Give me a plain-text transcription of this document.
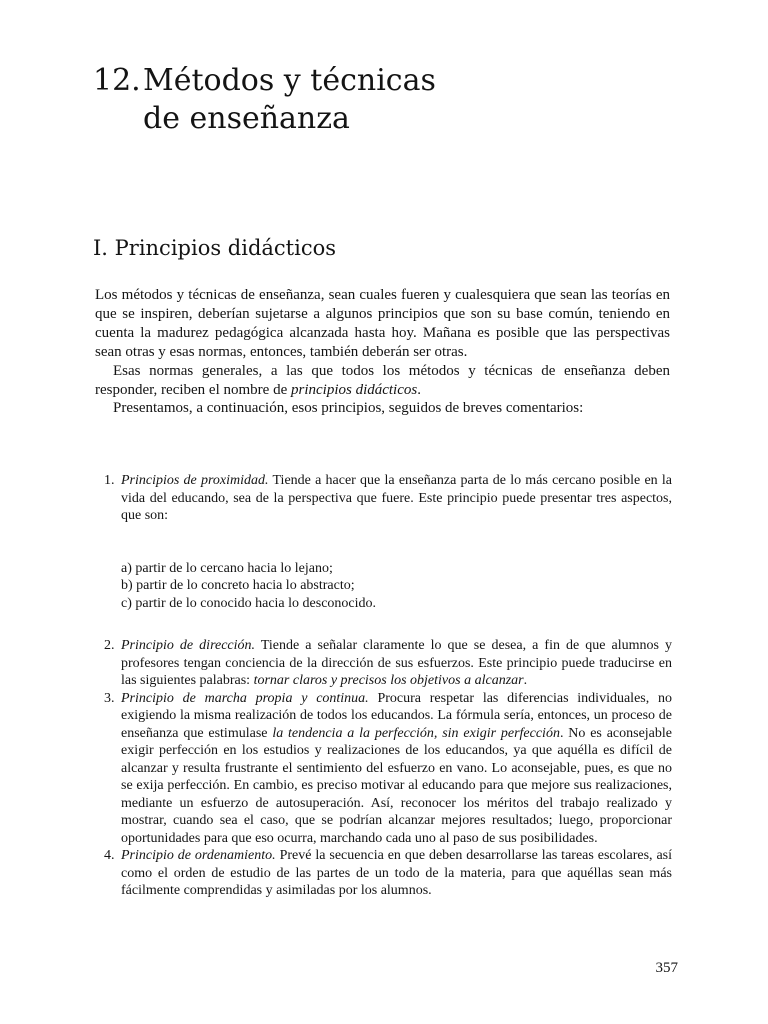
12.Métodos y técnicas
de enseñanza
I. Principios didácticos

Los métodos y técnicas de enseñanza, sean cuales fueren y cualesquiera que sean las teorías en que se inspiren, deberían sujetarse a algunos principios que son su base común, teniendo en cuenta la madurez pedagógica alcanzada hasta hoy. Mañana es posible que las perspectivas sean otras y esas normas, entonces, también deberán ser otras.

Esas normas generales, a las que todos los métodos y técnicas de enseñanza deben responder, reciben el nombre de principios didácticos.

Presentamos, a continuación, esos principios, seguidos de breves comentarios:

1. Principios de proximidad. Tiende a hacer que la enseñanza parta de lo más cercano posible en la vida del educando, sea de la perspectiva que fuere. Este principio puede presentar tres aspectos, que son:
a) partir de lo cercano hacia lo lejano;
b) partir de lo concreto hacia lo abstracto;
c) partir de lo conocido hacia lo desconocido.
2. Principio de dirección. Tiende a señalar claramente lo que se desea, a fin de que alumnos y profesores tengan conciencia de la dirección de sus esfuerzos. Este principio puede traducirse en las siguientes palabras: tornar claros y precisos los objetivos a alcanzar.
3. Principio de marcha propia y continua. Procura respetar las diferencias individuales, no exigiendo la misma realización de todos los educandos. La fórmula sería, entonces, un proceso de enseñanza que estimulase la tendencia a la perfección, sin exigir perfección. No es aconsejable exigir perfección en los estudios y realizaciones de los educandos, ya que aquélla es difícil de alcanzar y resulta frustrante el sentimiento del esfuerzo en vano. Lo aconsejable, pues, es que no se exija perfección. En cambio, es preciso motivar al educando para que mejore sus realizaciones, mediante un esfuerzo de autosuperación. Así, reconocer los méritos del trabajo realizado y mostrar, cuando sea el caso, que se podrían alcanzar mejores resultados; luego, proporcionar oportunidades para que eso ocurra, marchando cada uno al paso de sus posibilidades.
4. Principio de ordenamiento. Prevé la secuencia en que deben desarrollarse las tareas escolares, así como el orden de estudio de las partes de un todo de la materia, para que aquéllas sean más fácilmente comprendidas y asimiladas por los alumnos.
357
